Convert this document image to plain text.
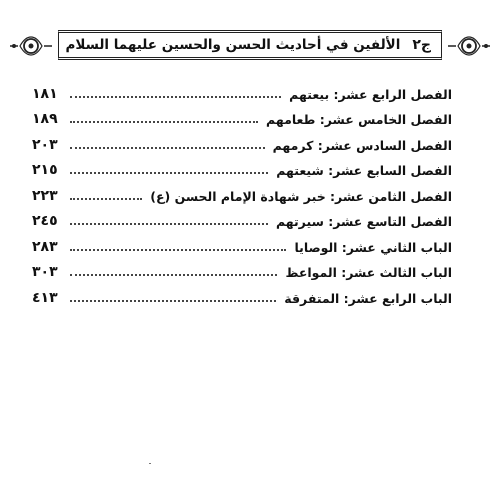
ج٢
الألفين في أحاديث الحسن والحسين عليهما السلام
الفصل الرابع عشر: بيعتهم
١٨١
الفصل الخامس عشر: طعامهم
١٨٩
الفصل السادس عشر: كرمهم
٢٠٣
الفصل السابع عشر: شيعتهم
٢١٥
الفصل الثامن عشر: خبر شهادة الإمام الحسن (ع)
٢٢٣
الفصل التاسع عشر: سيرتهم
٢٤٥
الباب الثاني عشر: الوصايا
٢٨٣
الباب الثالث عشر: المواعظ
٣٠٣
الباب الرابع عشر: المتفرقة
٤١٣
